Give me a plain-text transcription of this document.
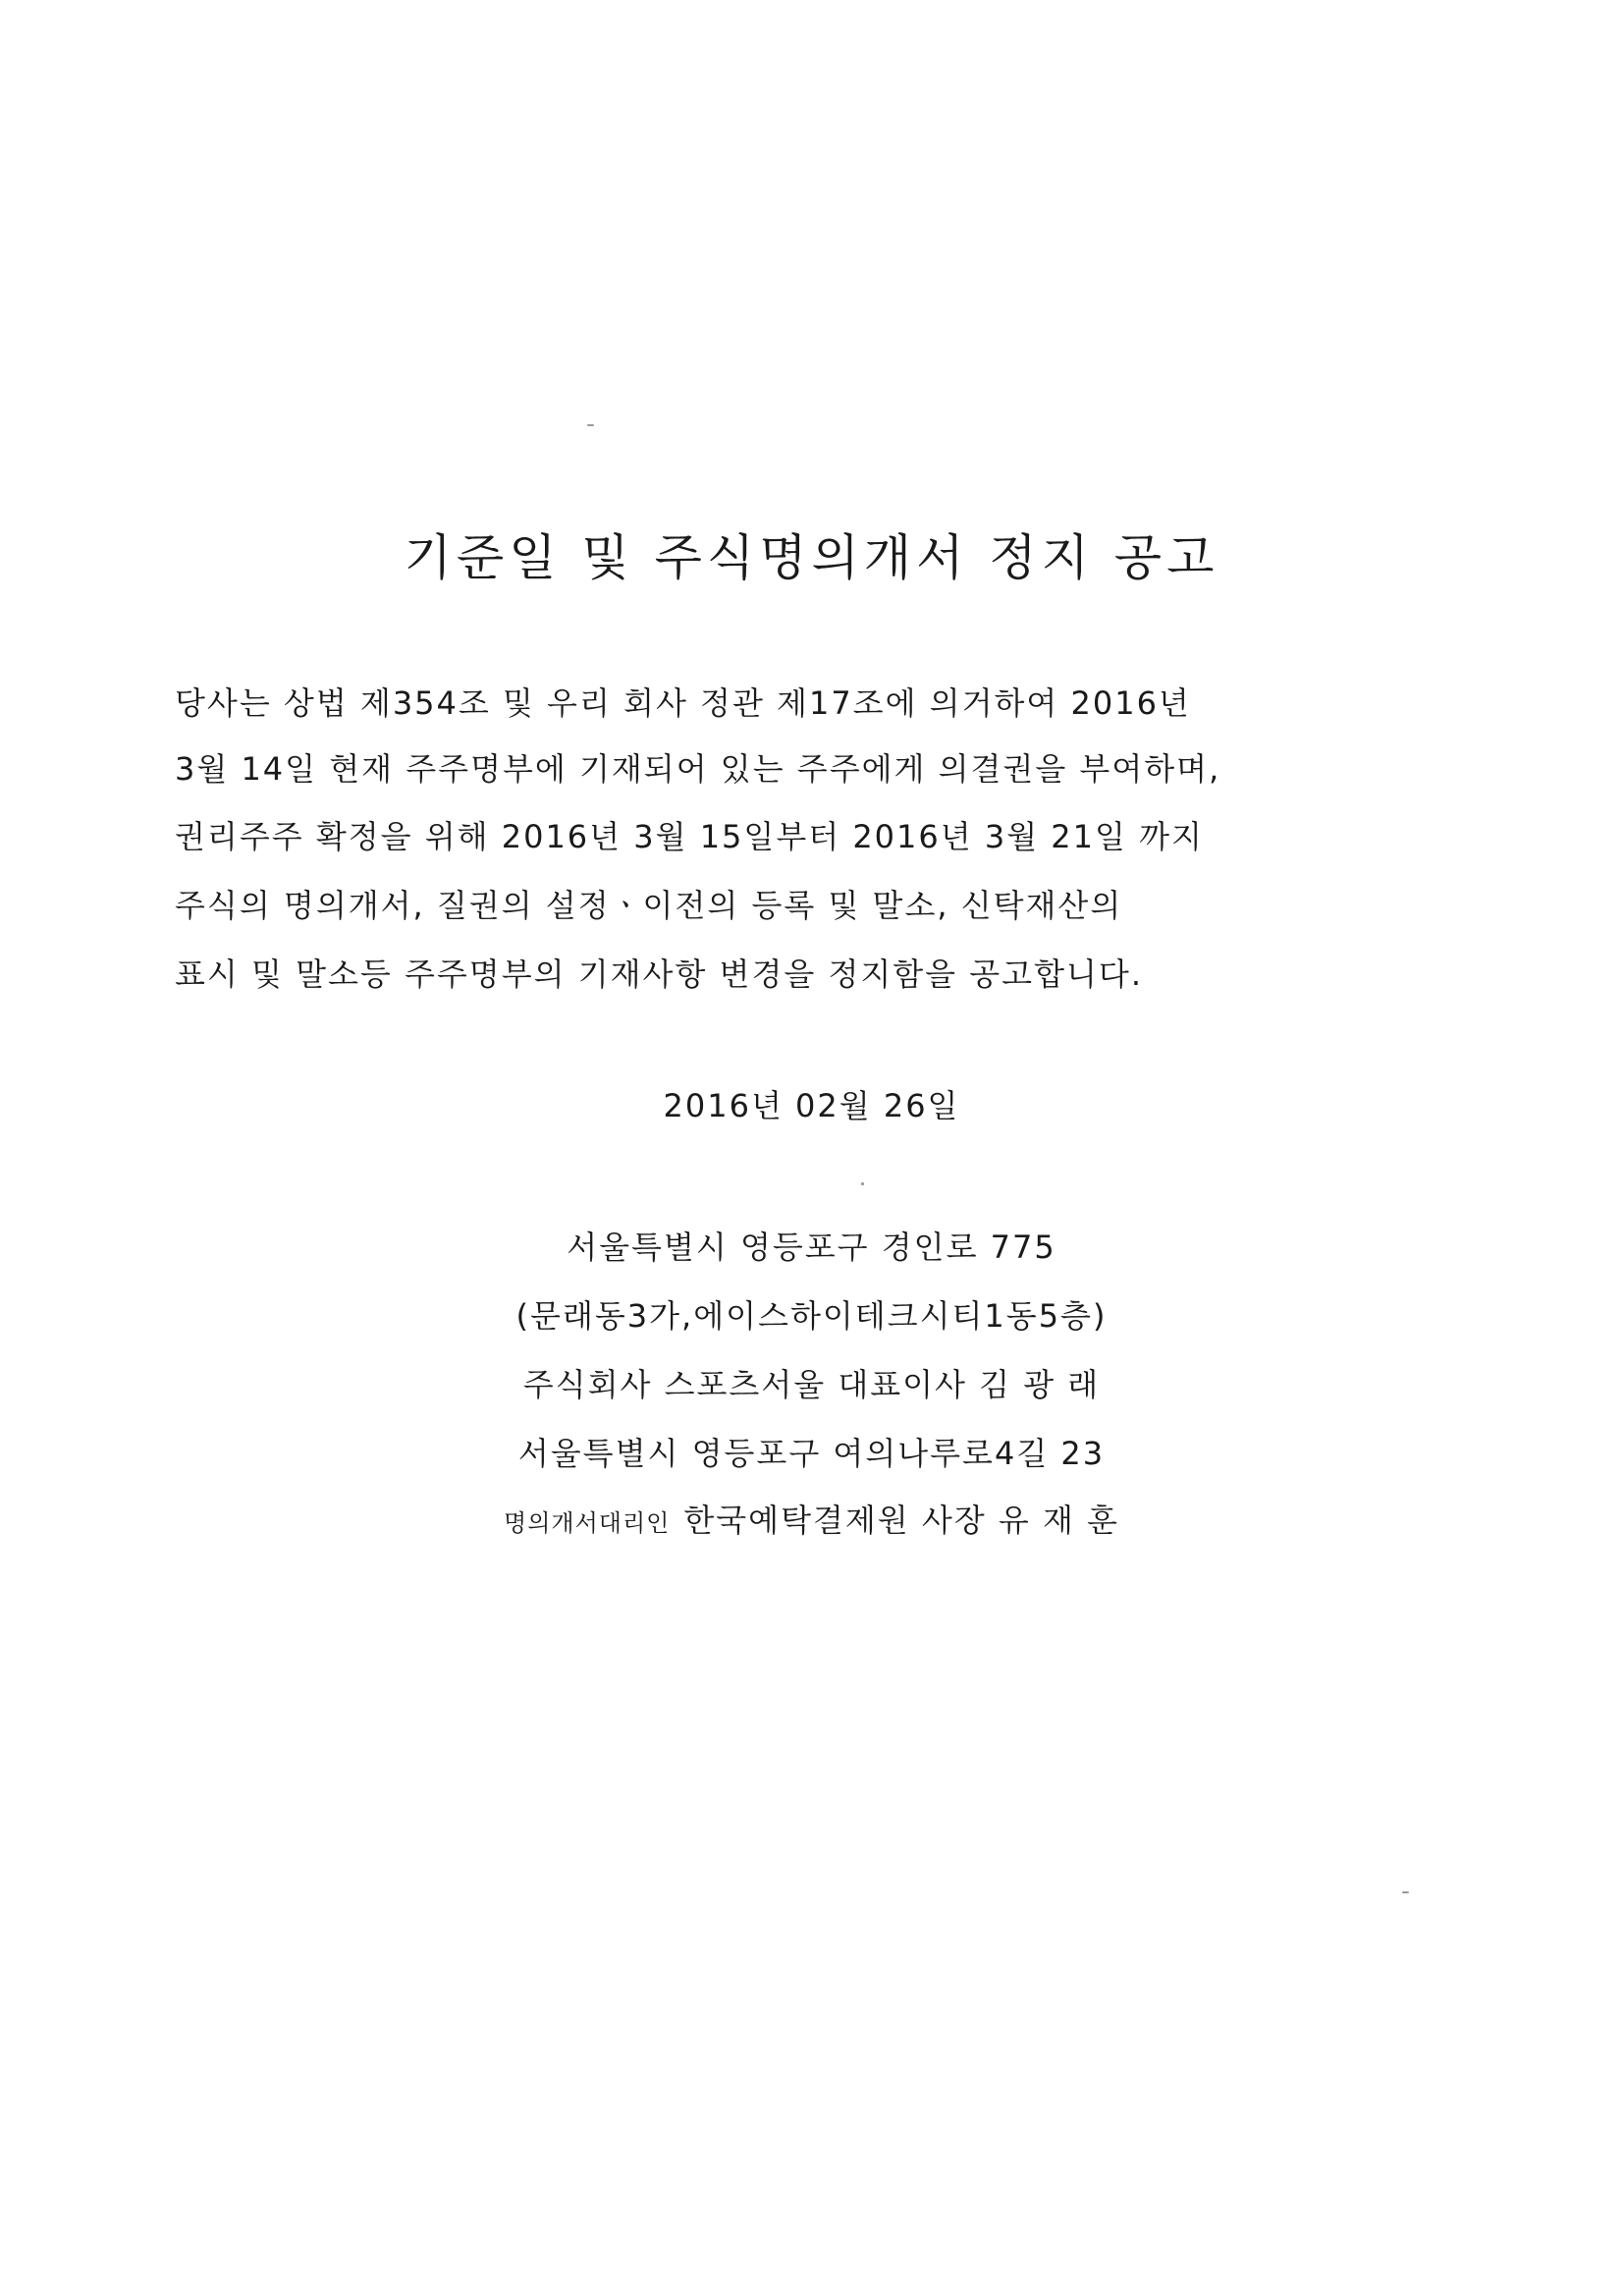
기준일 및 주식명의개서 정지 공고
당사는 상법 제354조 및 우리 회사 정관 제17조에 의거하여 2016년
3월 14일 현재 주주명부에 기재되어 있는 주주에게 의결권을 부여하며,
권리주주 확정을 위해 2016년 3월 15일부터 2016년 3월 21일 까지
주식의 명의개서, 질권의 설정ㆍ이전의 등록 및 말소, 신탁재산의
표시 및 말소등 주주명부의 기재사항 변경을 정지함을 공고합니다.
2016년 02월 26일
서울특별시 영등포구 경인로 775
(문래동3가,에이스하이테크시티1동5층)
주식회사 스포츠서울 대표이사 김 광 래
서울특별시 영등포구 여의나루로4길 23
명의개서대리인 한국예탁결제원 사장 유 재 훈
